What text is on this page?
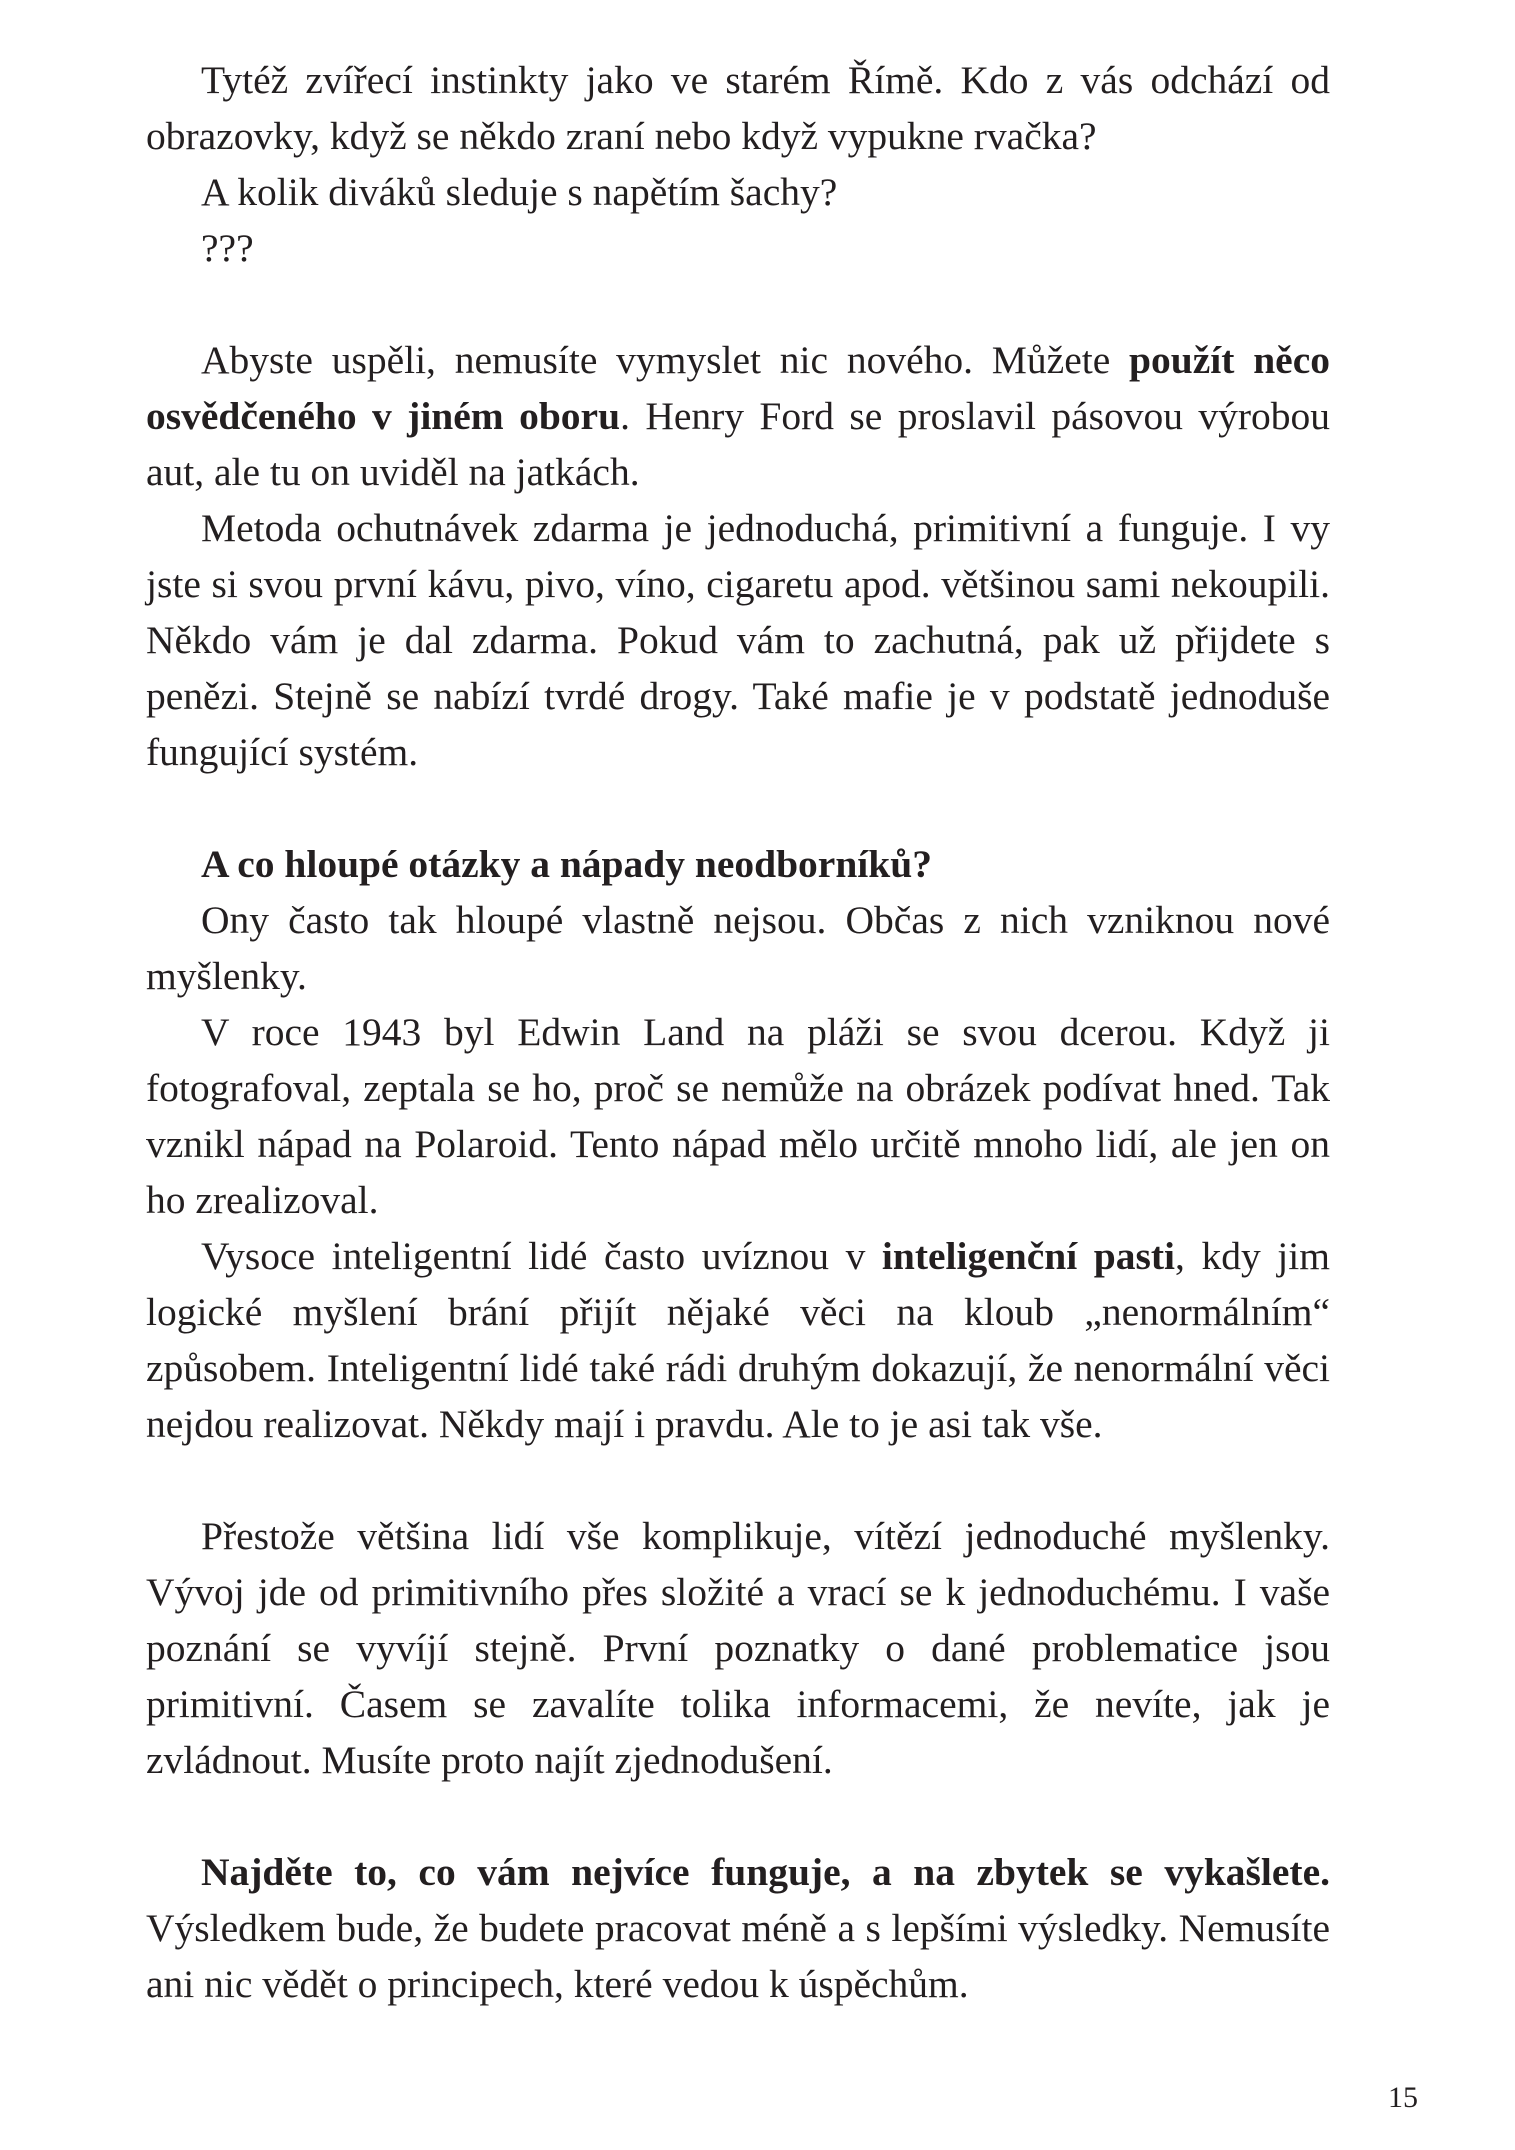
Tytéž zvířecí instinkty jako ve starém Římě. Kdo z vás odchází od obrazovky, když se někdo zraní nebo když vypukne rvačka?

A kolik diváků sleduje s napětím šachy?

???

Abyste uspěli, nemusíte vymyslet nic nového. Můžete použít něco osvědčeného v jiném oboru. Henry Ford se proslavil pásovou výrobou aut, ale tu on uviděl na jatkách.

Metoda ochutnávek zdarma je jednoduchá, primitivní a funguje. I vy jste si svou první kávu, pivo, víno, cigaretu apod. většinou sami nekoupili. Někdo vám je dal zdarma. Pokud vám to zachutná, pak už přijdete s penězi. Stejně se nabízí tvrdé drogy. Také mafie je v podstatě jednoduše fungující systém.

A co hloupé otázky a nápady neodborníků?

Ony často tak hloupé vlastně nejsou. Občas z nich vzniknou nové myšlenky.

V roce 1943 byl Edwin Land na pláži se svou dcerou. Když ji fotografoval, zeptala se ho, proč se nemůže na obrázek podívat hned. Tak vznikl nápad na Polaroid. Tento nápad mělo určitě mnoho lidí, ale jen on ho zrealizoval.

Vysoce inteligentní lidé často uvíznou v inteligenční pasti, kdy jim logické myšlení brání přijít nějaké věci na kloub „nenormálním“ způsobem. Inteligentní lidé také rádi druhým dokazují, že nenormální věci nejdou realizovat. Někdy mají i pravdu. Ale to je asi tak vše.

Přestože většina lidí vše komplikuje, vítězí jednoduché myšlenky. Vývoj jde od primitivního přes složité a vrací se k jednoduchému. I vaše poznání se vyvíjí stejně. První poznatky o dané problematice jsou primitivní. Časem se zavalíte tolika informacemi, že nevíte, jak je zvládnout. Musíte proto najít zjednodušení.

Najděte to, co vám nejvíce funguje, a na zbytek se vykašlete. Výsledkem bude, že budete pracovat méně a s lepšími výsledky. Nemusíte ani nic vědět o principech, které vedou k úspěchům.

15
